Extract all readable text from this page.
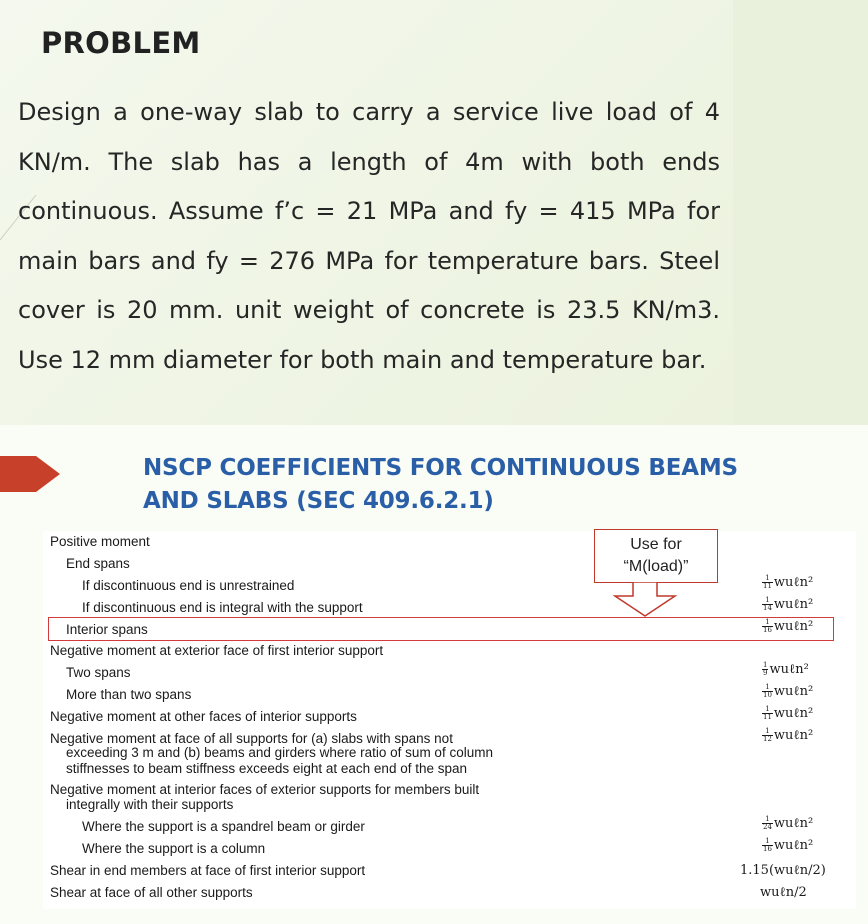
PROBLEM

Design a one-way slab to carry a service live load of 4 KN/m. The slab has a length of 4m with both ends continuous. Assume f’c = 21 MPa and fy = 415 MPa for main bars and fy = 276 MPa for temperature bars. Steel cover is 20 mm. unit weight of concrete is 23.5 KN/m3. Use 12 mm diameter for both main and temperature bar.

NSCP COEFFICIENTS FOR CONTINUOUS BEAMS
AND SLABS (SEC 409.6.2.1)
Positive moment
End spans
If discontinuous end is unrestrained
If discontinuous end is integral with the support
Interior spans
Negative moment at exterior face of first interior support
Two spans
More than two spans
Negative moment at other faces of interior supports
Negative moment at face of all supports for (a) slabs with spans not
exceeding 3 m and (b) beams and girders where ratio of sum of column
stiffnesses to beam stiffness exceeds eight at each end of the span
Negative moment at interior faces of exterior supports for members built
integrally with their supports
Where the support is a spandrel beam or girder
Where the support is a column
Shear in end members at face of first interior support
Shear at face of all other supports
$\frac{1}{11}$ wuℓn²
$\frac{1}{14}$ wuℓn²
$\frac{1}{16}$ wuℓn²
$\frac{1}{9}$ wuℓn²
$\frac{1}{10}$ wuℓn²
$\frac{1}{11}$ wuℓn²
$\frac{1}{12}$ wuℓn²
$\frac{1}{24}$ wuℓn²
$\frac{1}{16}$ wuℓn²
1.15(wuℓn/2)
wuℓn/2
Use for
“M(load)”
